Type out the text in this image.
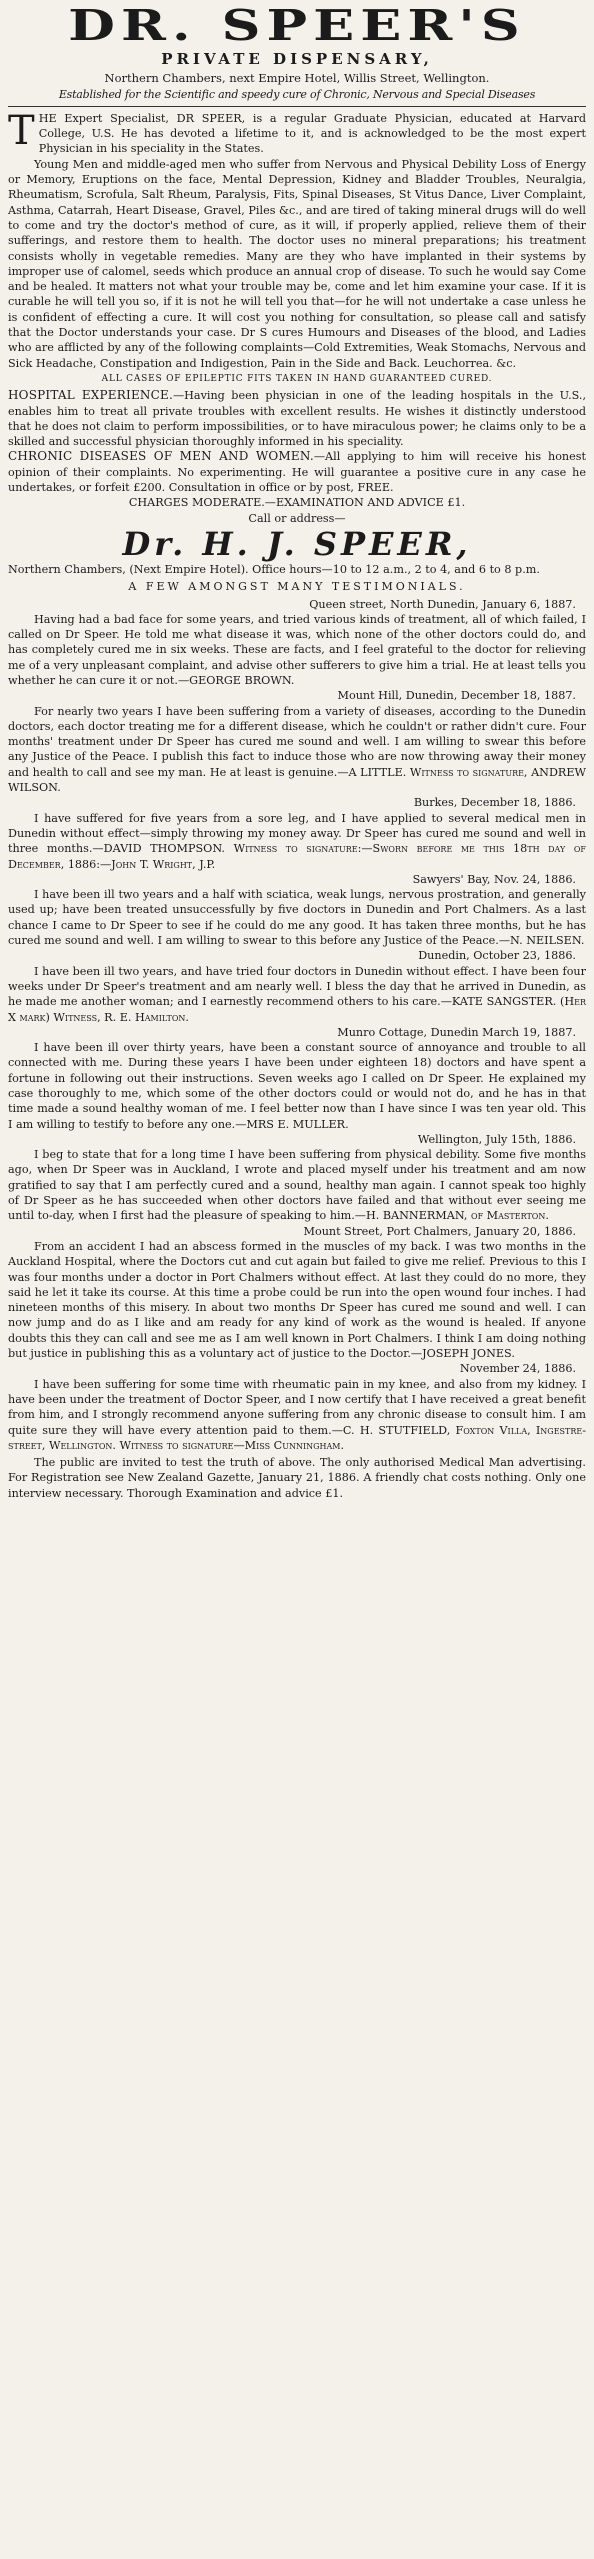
DR. SPEER'S
PRIVATE DISPENSARY,

Northern Chambers, next Empire Hotel, Willis Street, Wellington.

Established for the Scientific and speedy cure of Chronic, Nervous and Special Diseases

THE Expert Specialist, DR SPEER, is a regular Graduate Physician, educated at Harvard College, U.S. He has devoted a lifetime to it, and is acknowledged to be the most expert Physician in his speciality in the States.

Young Men and middle-aged men who suffer from Nervous and Physical Debility Loss of Energy or Memory, Eruptions on the face, Mental Depression, Kidney and Bladder Troubles, Neuralgia, Rheumatism, Scrofula, Salt Rheum, Paralysis, Fits, Spinal Diseases, St Vitus Dance, Liver Complaint, Asthma, Catarrah, Heart Disease, Gravel, Piles &c., and are tired of taking mineral drugs will do well to come and try the doctor's method of cure, as it will, if properly applied, relieve them of their sufferings, and restore them to health. The doctor uses no mineral preparations; his treatment consists wholly in vegetable remedies. Many are they who have implanted in their systems by improper use of calomel, seeds which produce an annual crop of disease. To such he would say Come and be healed. It matters not what your trouble may be, come and let him examine your case. If it is curable he will tell you so, if it is not he will tell you that—for he will not undertake a case unless he is confident of effecting a cure. It will cost you nothing for consultation, so please call and satisfy that the Doctor understands your case. Dr S cures Humours and Diseases of the blood, and Ladies who are afflicted by any of the following complaints—Cold Extremities, Weak Stomachs, Nervous and Sick Headache, Constipation and Indigestion, Pain in the Side and Back. Leuchorrea. &c.

ALL CASES OF EPILEPTIC FITS TAKEN IN HAND GUARANTEED CURED.

HOSPITAL EXPERIENCE.—Having been physician in one of the leading hospitals in the U.S., enables him to treat all private troubles with excellent results. He wishes it distinctly understood that he does not claim to perform impossibilities, or to have miraculous power; he claims only to be a skilled and successful physician thoroughly informed in his speciality.

CHRONIC DISEASES OF MEN AND WOMEN.—All applying to him will receive his honest opinion of their complaints. No experimenting. He will guarantee a positive cure in any case he undertakes, or forfeit £200. Consultation in office or by post, FREE.

CHARGES MODERATE.—EXAMINATION AND ADVICE £1.

Call or address—

Dr. H. J. SPEER,

Northern Chambers, (Next Empire Hotel). Office hours—10 to 12 a.m., 2 to 4, and 6 to 8 p.m.

A FEW AMONGST MANY TESTIMONIALS.

Queen street, North Dunedin, January 6, 1887.

Having had a bad face for some years, and tried various kinds of treatment, all of which failed, I called on Dr Speer. He told me what disease it was, which none of the other doctors could do, and has completely cured me in six weeks. These are facts, and I feel grateful to the doctor for relieving me of a very unpleasant complaint, and advise other sufferers to give him a trial. He at least tells you whether he can cure it or not.—GEORGE BROWN.

Mount Hill, Dunedin, December 18, 1887.

For nearly two years I have been suffering from a variety of diseases, according to the Dunedin doctors, each doctor treating me for a different disease, which he couldn't or rather didn't cure. Four months' treatment under Dr Speer has cured me sound and well. I am willing to swear this before any Justice of the Peace. I publish this fact to induce those who are now throwing away their money and health to call and see my man. He at least is genuine.—A LITTLE. Witness to signature, ANDREW WILSON.

Burkes, December 18, 1886.

I have suffered for five years from a sore leg, and I have applied to several medical men in Dunedin without effect—simply throwing my money away. Dr Speer has cured me sound and well in three months.—DAVID THOMPSON. Witness to signature:—Sworn before me this 18th day of December, 1886:—John T. Wright, J.P.

Sawyers' Bay, Nov. 24, 1886.

I have been ill two years and a half with sciatica, weak lungs, nervous prostration, and generally used up; have been treated unsuccessfully by five doctors in Dunedin and Port Chalmers. As a last chance I came to Dr Speer to see if he could do me any good. It has taken three months, but he has cured me sound and well. I am willing to swear to this before any Justice of the Peace.—N. NEILSEN.

Dunedin, October 23, 1886.

I have been ill two years, and have tried four doctors in Dunedin without effect. I have been four weeks under Dr Speer's treatment and am nearly well. I bless the day that he arrived in Dunedin, as he made me another woman; and I earnestly recommend others to his care.—KATE SANGSTER. (Her X mark) Witness, R. E. Hamilton.

Munro Cottage, Dunedin March 19, 1887.

I have been ill over thirty years, have been a constant source of annoyance and trouble to all connected with me. During these years I have been under eighteen 18) doctors and have spent a fortune in following out their instructions. Seven weeks ago I called on Dr Speer. He explained my case thoroughly to me, which some of the other doctors could or would not do, and he has in that time made a sound healthy woman of me. I feel better now than I have since I was ten year old. This I am willing to testify to before any one.—MRS E. MULLER.

Wellington, July 15th, 1886.

I beg to state that for a long time I have been suffering from physical debility. Some five months ago, when Dr Speer was in Auckland, I wrote and placed myself under his treatment and am now gratified to say that I am perfectly cured and a sound, healthy man again. I cannot speak too highly of Dr Speer as he has succeeded when other doctors have failed and that without ever seeing me until to-day, when I first had the pleasure of speaking to him.—H. BANNERMAN, of Masterton.

Mount Street, Port Chalmers, January 20, 1886.

From an accident I had an abscess formed in the muscles of my back. I was two months in the Auckland Hospital, where the Doctors cut and cut again but failed to give me relief. Previous to this I was four months under a doctor in Port Chalmers without effect. At last they could do no more, they said he let it take its course. At this time a probe could be run into the open wound four inches. I had nineteen months of this misery. In about two months Dr Speer has cured me sound and well. I can now jump and do as I like and am ready for any kind of work as the wound is healed. If anyone doubts this they can call and see me as I am well known in Port Chalmers. I think I am doing nothing but justice in publishing this as a voluntary act of justice to the Doctor.—JOSEPH JONES.

November 24, 1886.

I have been suffering for some time with rheumatic pain in my knee, and also from my kidney. I have been under the treatment of Doctor Speer, and I now certify that I have received a great benefit from him, and I strongly recommend anyone suffering from any chronic disease to consult him. I am quite sure they will have every attention paid to them.—C. H. STUTFIELD, Foxton Villa, Ingestre-street, Wellington. Witness to signature—Miss Cunningham.

The public are invited to test the truth of above. The only authorised Medical Man advertising. For Registration see New Zealand Gazette, January 21, 1886. A friendly chat costs nothing. Only one interview necessary. Thorough Examination and advice £1.
